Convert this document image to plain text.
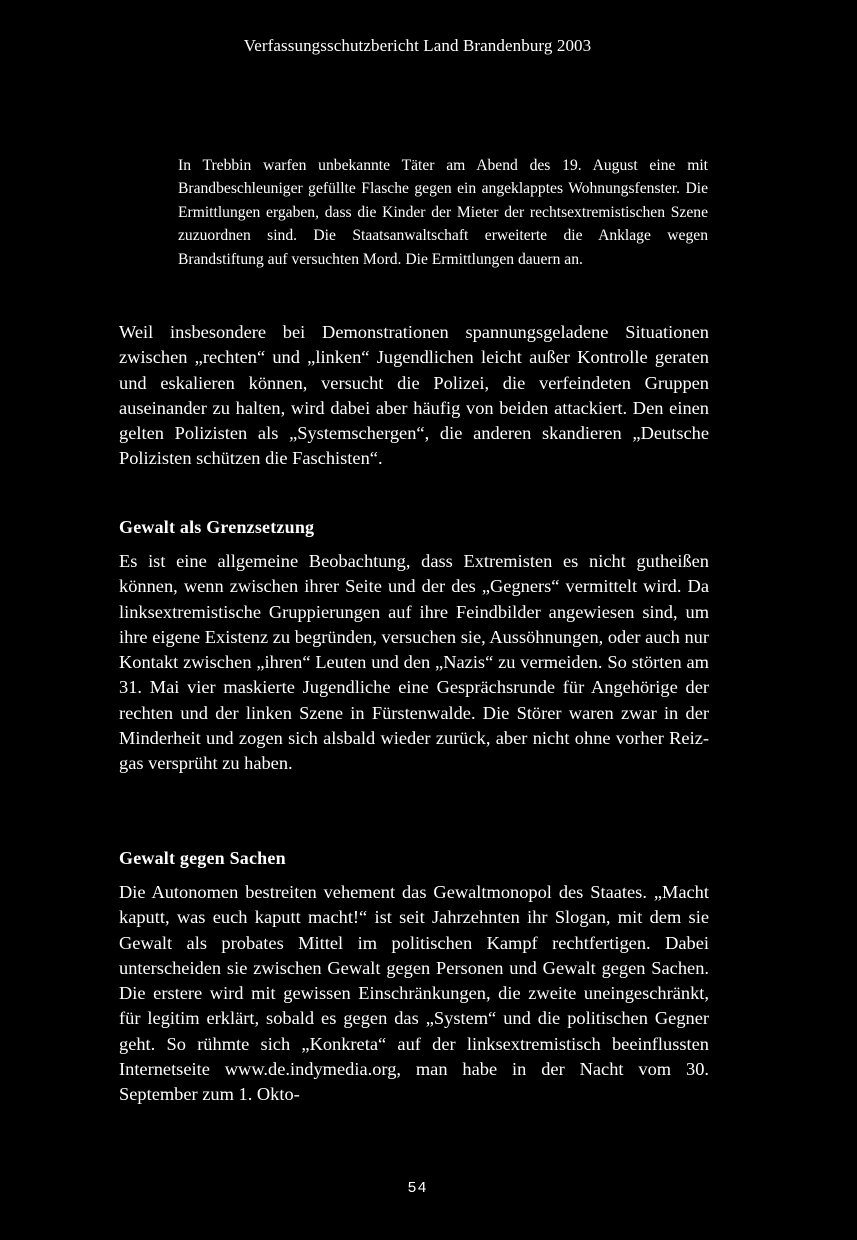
Verfassungsschutzbericht Land Brandenburg 2003

In Trebbin warfen unbekannte Täter am Abend des 19. August eine mit Brandbeschleuniger gefüllte Flasche gegen ein angeklapptes Wohnungsfenster. Die Ermittlungen ergaben, dass die Kinder der Mieter der rechtsextremistischen Szene zuzuordnen sind. Die Staatsanwaltschaft erweiterte die Anklage wegen Brandstiftung auf versuchten Mord. Die Ermittlungen dauern an.

Weil insbesondere bei Demonstrationen spannungsgeladene Situationen zwischen „rechten“ und „linken“ Jugendlichen leicht außer Kontrolle geraten und eskalieren können, versucht die Polizei, die verfeindeten Gruppen auseinander zu halten, wird dabei aber häufig von beiden attackiert. Den einen gelten Polizisten als „Systemschergen“, die anderen skandieren „Deutsche Polizisten schützen die Faschisten“.

Gewalt als Grenzsetzung

Es ist eine allgemeine Beobachtung, dass Extremisten es nicht gutheißen können, wenn zwischen ihrer Seite und der des „Gegners“ vermittelt wird. Da linksextremistische Gruppierungen auf ihre Feindbilder angewiesen sind, um ihre eigene Existenz zu begründen, versuchen sie, Aussöhnungen, oder auch nur Kontakt zwischen „ihren“ Leuten und den „Nazis“ zu vermeiden. So störten am 31. Mai vier maskierte Jugendliche eine Gesprächsrunde für Angehörige der rechten und der linken Szene in Fürstenwalde. Die Störer waren zwar in der Minderheit und zogen sich alsbald wieder zurück, aber nicht ohne vorher Reizgas versprüht zu haben.

Gewalt gegen Sachen

Die Autonomen bestreiten vehement das Gewaltmonopol des Staates. „Macht kaputt, was euch kaputt macht!“ ist seit Jahrzehnten ihr Slogan, mit dem sie Gewalt als probates Mittel im politischen Kampf rechtfertigen. Dabei unterscheiden sie zwischen Gewalt gegen Personen und Gewalt gegen Sachen. Die erstere wird mit gewissen Einschränkungen, die zweite uneingeschränkt, für legitim erklärt, sobald es gegen das „System“ und die politischen Gegner geht. So rühmte sich „Konkreta“ auf der linksextremistisch beeinflussten Internetseite www.de.indymedia.org, man habe in der Nacht vom 30. September zum 1. Okto-

54
